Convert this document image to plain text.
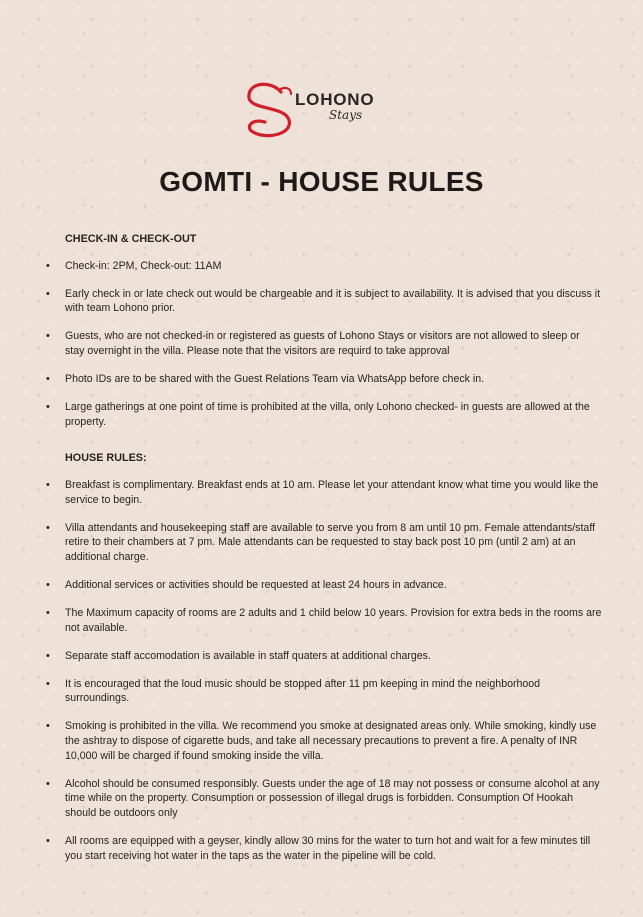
LOHONO
Stays
GOMTI - HOUSE RULES
CHECK-IN & CHECK-OUT
• Check-in: 2PM, Check-out: 11AM
• Early check in or late check out would be chargeable and it is subject to availability. It is advised that you discuss it with team Lohono prior.
• Guests, who are not checked-in or registered as guests of Lohono Stays or visitors are not allowed to sleep or stay overnight in the villa. Please note that the visitors are requird to take approval
• Photo IDs are to be shared with the Guest Relations Team via WhatsApp before check in.
• Large gatherings at one point of time is prohibited at the villa, only Lohono checked- in guests are allowed at the property.
HOUSE RULES:
• Breakfast is complimentary. Breakfast ends at 10 am. Please let your attendant know what time you would like the service to begin.
• Villa attendants and housekeeping staff are available to serve you from 8 am until 10 pm. Female attendants/staff retire to their chambers at 7 pm. Male attendants can be requested to stay back post 10 pm (until 2 am) at an additional charge.
• Additional services or activities should be requested at least 24 hours in advance.
• The Maximum capacity of rooms are 2 adults and 1 child below 10 years. Provision for extra beds in the rooms are not available.
• Separate staff accomodation is available in staff quaters at additional charges.
• It is encouraged that the loud music should be stopped after 11 pm keeping in mind the neighborhood surroundings.
• Smoking is prohibited in the villa. We recommend you smoke at designated areas only. While smoking, kindly use the ashtray to dispose of cigarette buds, and take all necessary precautions to prevent a fire. A penalty of INR 10,000 will be charged if found smoking inside the villa.
• Alcohol should be consumed responsibly. Guests under the age of 18 may not possess or consume alcohol at any time while on the property. Consumption or possession of illegal drugs is forbidden. Consumption Of Hookah should be outdoors only
• All rooms are equipped with a geyser, kindly allow 30 mins for the water to turn hot and wait for a few minutes till you start receiving hot water in the taps as the water in the pipeline will be cold.
